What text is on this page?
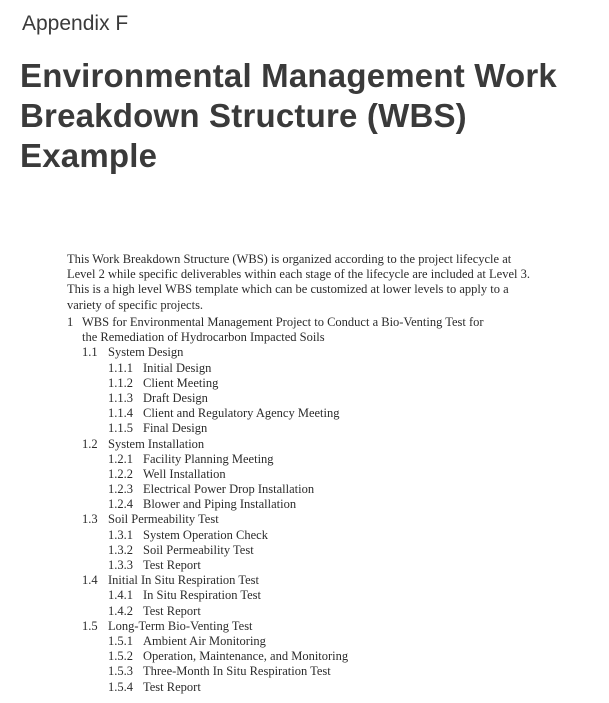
Appendix F
Environmental Management Work
Breakdown Structure (WBS)
Example

This Work Breakdown Structure (WBS) is organized according to the project lifecycle at Level 2 while specific deliverables within each stage of the lifecycle are included at Level 3. This is a high level WBS template which can be customized at lower levels to apply to a variety of specific projects.

1 WBS for Environmental Management Project to Conduct a Bio-Venting Test for
the Remediation of Hydrocarbon Impacted Soils
1.1 System Design
1.1.1 Initial Design
1.1.2 Client Meeting
1.1.3 Draft Design
1.1.4 Client and Regulatory Agency Meeting
1.1.5 Final Design
1.2 System Installation
1.2.1 Facility Planning Meeting
1.2.2 Well Installation
1.2.3 Electrical Power Drop Installation
1.2.4 Blower and Piping Installation
1.3 Soil Permeability Test
1.3.1 System Operation Check
1.3.2 Soil Permeability Test
1.3.3 Test Report
1.4 Initial In Situ Respiration Test
1.4.1 In Situ Respiration Test
1.4.2 Test Report
1.5 Long-Term Bio-Venting Test
1.5.1 Ambient Air Monitoring
1.5.2 Operation, Maintenance, and Monitoring
1.5.3 Three-Month In Situ Respiration Test
1.5.4 Test Report
